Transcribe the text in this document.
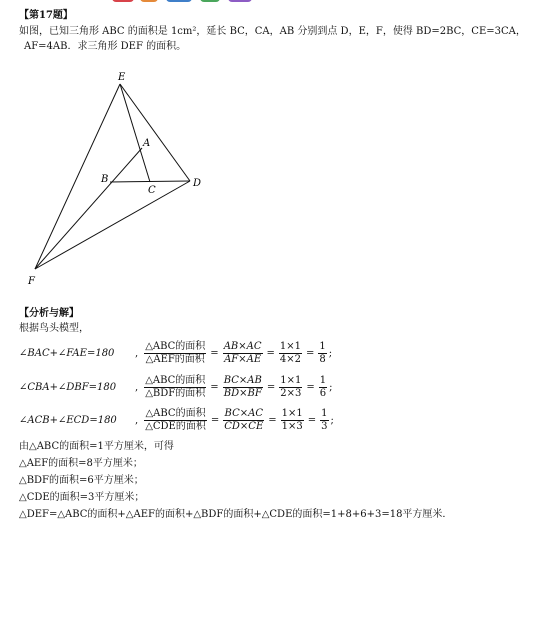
【第17题】
如图，已知三角形 ABC 的面积是 1cm²，延长 BC，CA，AB 分别到点 D，E，F，使得 BD=2BC，CE=3CA，
AF=4AB．求三角形 DEF 的面积。
E
A
B
C
D
F
【分析与解】
根据鸟头模型，
∠BAC+∠FAE=180	, $\frac{\text{△ABC的面积}}{\text{△AEF的面积}} = \frac{AB\times AC}{AF\times AE} = \frac{1\times 1}{4\times 2} = \frac{1}{8}$ ;
∠CBA+∠DBF=180	, $\frac{\text{△ABC的面积}}{\text{△BDF的面积}} = \frac{BC\times AB}{BD\times BF} = \frac{1\times 1}{2\times 3} = \frac{1}{6}$ ;
∠ACB+∠ECD=180	, $\frac{\text{△ABC的面积}}{\text{△CDE的面积}} = \frac{BC\times AC}{CD\times CE} = \frac{1\times 1}{1\times 3} = \frac{1}{3}$ ;
由△ABC的面积=1平方厘米，可得
△AEF的面积=8平方厘米；
△BDF的面积=6平方厘米；
△CDE的面积=3平方厘米；
△DEF=△ABC的面积+△AEF的面积+△BDF的面积+△CDE的面积=1+8+6+3=18平方厘米．
